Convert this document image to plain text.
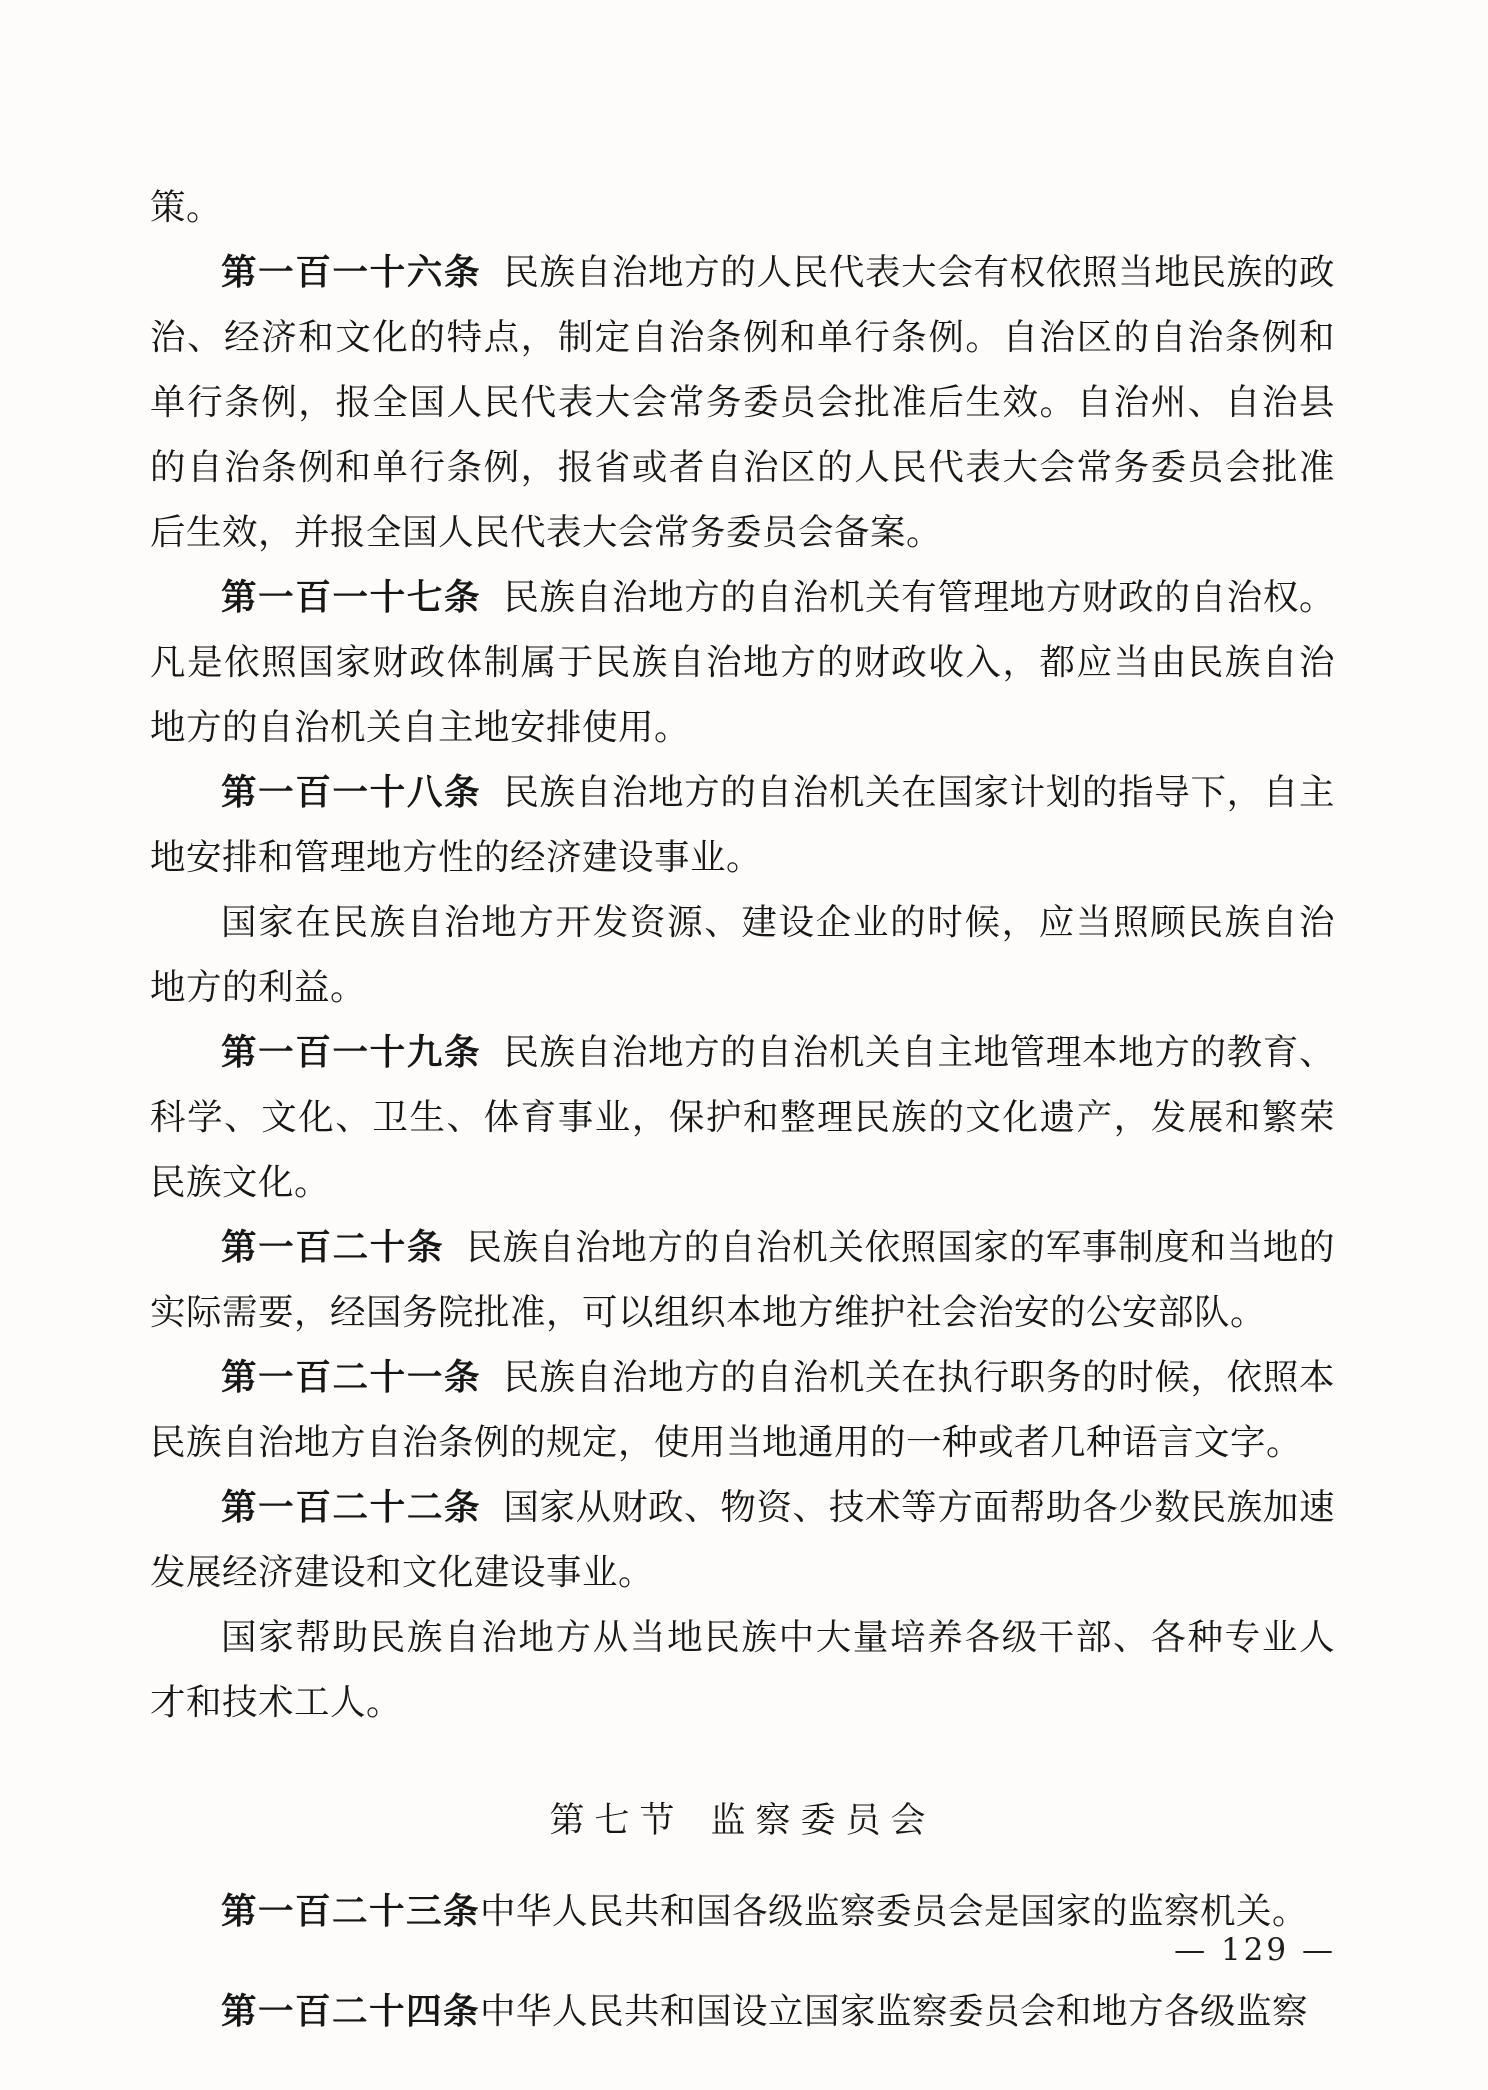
策。

第一百一十六条 民族自治地方的人民代表大会有权依照当地民族的政治、经济和文化的特点，制定自治条例和单行条例。自治区的自治条例和单行条例，报全国人民代表大会常务委员会批准后生效。自治州、自治县的自治条例和单行条例，报省或者自治区的人民代表大会常务委员会批准后生效，并报全国人民代表大会常务委员会备案。

第一百一十七条 民族自治地方的自治机关有管理地方财政的自治权。凡是依照国家财政体制属于民族自治地方的财政收入，都应当由民族自治地方的自治机关自主地安排使用。

第一百一十八条 民族自治地方的自治机关在国家计划的指导下，自主地安排和管理地方性的经济建设事业。

国家在民族自治地方开发资源、建设企业的时候，应当照顾民族自治地方的利益。

第一百一十九条 民族自治地方的自治机关自主地管理本地方的教育、科学、文化、卫生、体育事业，保护和整理民族的文化遗产，发展和繁荣民族文化。

第一百二十条 民族自治地方的自治机关依照国家的军事制度和当地的实际需要，经国务院批准，可以组织本地方维护社会治安的公安部队。

第一百二十一条 民族自治地方的自治机关在执行职务的时候，依照本民族自治地方自治条例的规定，使用当地通用的一种或者几种语言文字。

第一百二十二条 国家从财政、物资、技术等方面帮助各少数民族加速发展经济建设和文化建设事业。

国家帮助民族自治地方从当地民族中大量培养各级干部、各种专业人才和技术工人。

第七节 监察委员会

第一百二十三条中华人民共和国各级监察委员会是国家的监察机关。

第一百二十四条中华人民共和国设立国家监察委员会和地方各级监察

— 129 —
